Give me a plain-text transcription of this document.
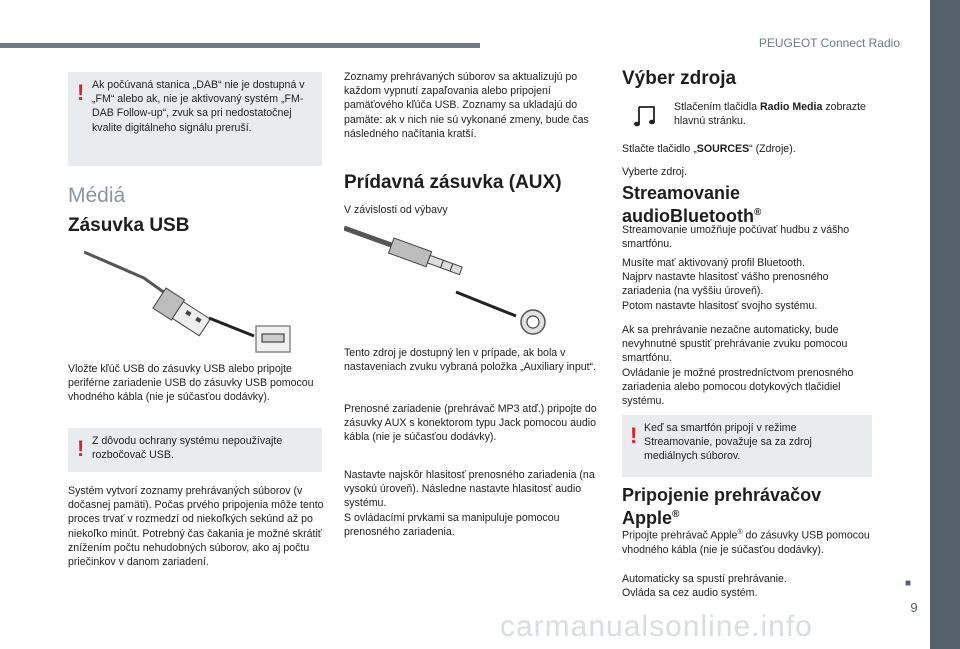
PEUGEOT Connect Radio
■
9
! Ak počúvaná stanica „DAB“ nie je dostupná v „FM“ alebo ak, nie je aktivovaný systém „FM-DAB Follow-up“, zvuk sa pri nedostatočnej kvalite digitálneho signálu preruší.

Médiá

Zásuvka USB

Vložte kľúč USB do zásuvky USB alebo pripojte periférne zariadenie USB do zásuvky USB pomocou vhodného kábla (nie je súčasťou dodávky).

! Z dôvodu ochrany systému nepoužívajte rozbočovač USB.

Systém vytvorí zoznamy prehrávaných súborov (v dočasnej pamäti). Počas prvého pripojenia môže tento proces trvať v rozmedzí od niekoľkých sekúnd až po niekoľko minút. Potrebný čas čakania je možné skrátiť znížením počtu nehudobných súborov, ako aj počtu priečinkov v danom zariadení.

Zoznamy prehrávaných súborov sa aktualizujú po každom vypnutí zapaľovania alebo pripojení pamäťového kľúča USB. Zoznamy sa ukladajú do pamäte: ak v nich nie sú vykonané zmeny, bude čas následného načítania kratší.

Prídavná zásuvka (AUX)

V závislosti od výbavy

Tento zdroj je dostupný len v prípade, ak bola v nastaveniach zvuku vybraná položka „Auxiliary input“.

Prenosné zariadenie (prehrávač MP3 atď.) pripojte do zásuvky AUX s konektorom typu Jack pomocou audio kábla (nie je súčasťou dodávky).

Nastavte najskôr hlasitosť prenosného zariadenia (na vysokú úroveň). Následne nastavte hlasitosť audio systému.

S ovládacími prvkami sa manipuluje pomocou prenosného zariadenia.

Výber zdroja

Stlačením tlačidla Radio Media zobrazte hlavnú stránku.

Stlačte tlačidlo „SOURCES“ (Zdroje).

Vyberte zdroj.

Streamovanie
audioBluetooth®

Streamovanie umožňuje počúvať hudbu z vášho smartfónu.

Musíte mať aktivovaný profil Bluetooth.

Najprv nastavte hlasitosť vášho prenosného zariadenia (na vyššiu úroveň).

Potom nastavte hlasitosť svojho systému.

Ak sa prehrávanie nezačne automaticky, bude nevyhnutné spustiť prehrávanie zvuku pomocou smartfónu.

Ovládanie je možné prostredníctvom prenosného zariadenia alebo pomocou dotykových tlačidiel systému.

! Keď sa smartfón pripojí v režime Streamovanie, považuje sa za zdroj mediálnych súborov.

Pripojenie prehrávačov
Apple®

Pripojte prehrávač Apple® do zásuvky USB pomocou vhodného kábla (nie je súčasťou dodávky).

Automaticky sa spustí prehrávanie.

Ovláda sa cez audio systém.

carmanualsonline.info
